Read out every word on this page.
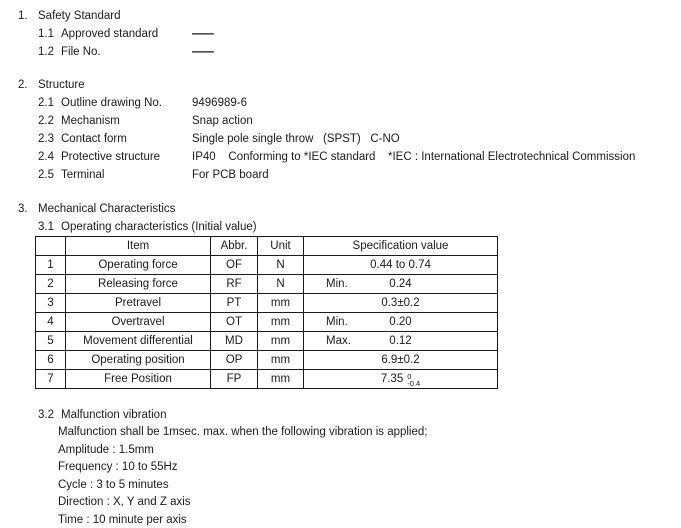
1. Safety Standard
1.1 Approved standard	—
1.2 File No.	—
2. Structure
2.1 Outline drawing No.	9496989-6
2.2 Mechanism	Snap action
2.3 Contact form	Single pole single throw   (SPST)   C-NO
2.4 Protective structure	IP40    Conforming to *IEC standard *IEC : International Electrotechnical Commission
2.5 Terminal	For PCB board
3. Mechanical Characteristics
3.1 Operating characteristics (Initial value)
	Item	Abbr.	Unit	Specification value
1	Operating force	OF	N	0.44 to 0.74
2	Releasing force	RF	N	Min. 0.24
3	Pretravel	PT	mm	0.3±0.2
4	Overtravel	OT	mm	Min. 0.20
5	Movement differential	MD	mm	Max. 0.12
6	Operating position	OP	mm	6.9±0.2
7	Free Position	FP	mm	7.35 0
-0.4
3.2 Malfunction vibration
Malfunction shall be 1msec. max. when the following vibration is applied;
Amplitude : 1.5mm
Frequency : 10 to 55Hz
Cycle : 3 to 5 minutes
Direction : X, Y and Z axis
Time : 10 minute per axis
